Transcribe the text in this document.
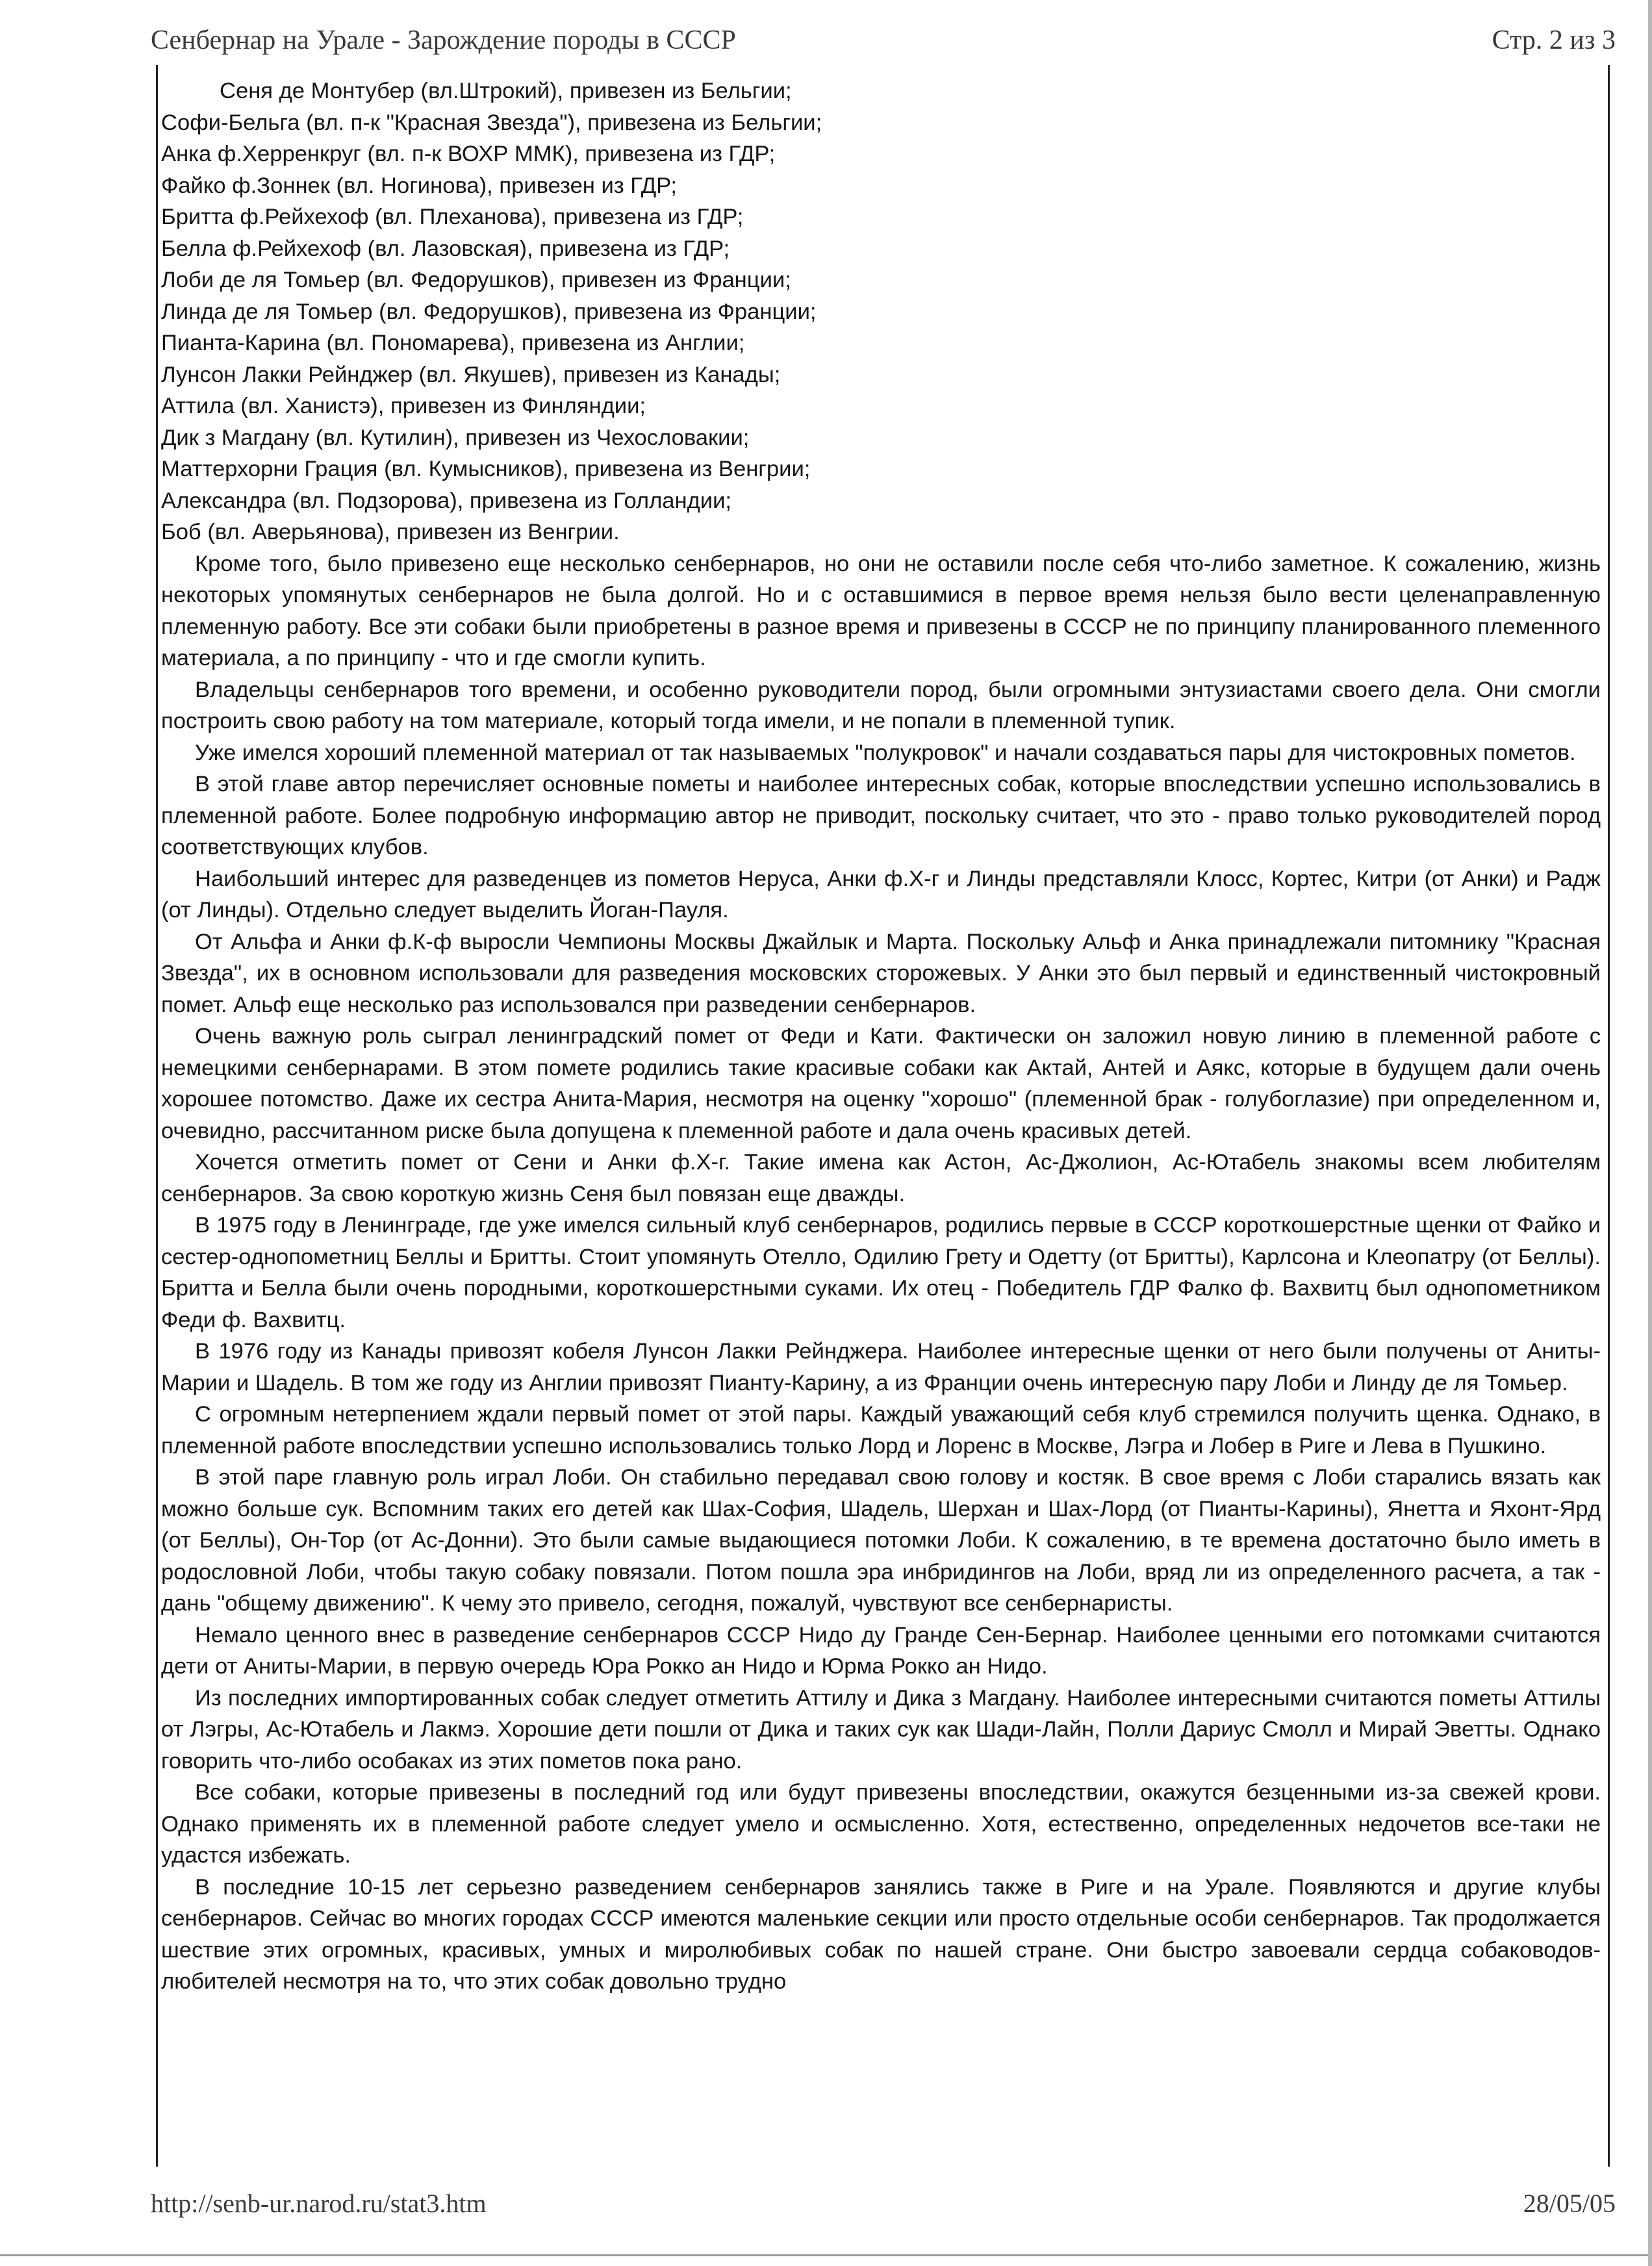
Сенбернар на Урале - Зарождение породы в СССР	Стр. 2 из 3
Сеня де Монтубер (вл.Штрокий), привезен из Бельгии;
Софи-Бельга (вл. п-к "Красная Звезда"), привезена из Бельгии;
Анка ф.Херренкруг (вл. п-к ВОХР ММК), привезена из ГДР;
Файко ф.Зоннек (вл. Ногинова), привезен из ГДР;
Бритта ф.Рейхехоф (вл. Плеханова), привезена из ГДР;
Белла ф.Рейхехоф (вл. Лазовская), привезена из ГДР;
Лоби де ля Томьер (вл. Федорушков), привезен из Франции;
Линда де ля Томьер (вл. Федорушков), привезена из Франции;
Пианта-Карина (вл. Пономарева), привезена из Англии;
Лунсон Лакки Рейнджер (вл. Якушев), привезен из Канады;
Аттила (вл. Ханистэ), привезен из Финляндии;
Дик з Магдану (вл. Кутилин), привезен из Чехословакии;
Маттерхорни Грация (вл. Кумысников), привезена из Венгрии;
Александра (вл. Подзорова), привезена из Голландии;
Боб (вл. Аверьянова), привезен из Венгрии.

Кроме того, было привезено еще несколько сенбернаров, но они не оставили после себя что-либо заметное. К сожалению, жизнь некоторых упомянутых сенбернаров не была долгой. Но и с оставшимися в первое время нельзя было вести целенаправленную племенную работу. Все эти собаки были приобретены в разное время и привезены в СССР не по принципу планированного племенного материала, а по принципу - что и где смогли купить.

Владельцы сенбернаров того времени, и особенно руководители пород, были огромными энтузиастами своего дела. Они смогли построить свою работу на том материале, который тогда имели, и не попали в племенной тупик.

Уже имелся хороший племенной материал от так называемых "полукровок" и начали создаваться пары для чистокровных пометов.

В этой главе автор перечисляет основные пометы и наиболее интересных собак, которые впоследствии успешно использовались в племенной работе. Более подробную информацию автор не приводит, поскольку считает, что это - право только руководителей пород соответствующих клубов.

Наибольший интерес для разведенцев из пометов Неруса, Анки ф.Х-г и Линды представляли Клосс, Кортес, Китри (от Анки) и Радж (от Линды). Отдельно следует выделить Йоган-Пауля.

От Альфа и Анки ф.К-ф выросли Чемпионы Москвы Джайлык и Марта. Поскольку Альф и Анка принадлежали питомнику "Красная Звезда", их в основном использовали для разведения московских сторожевых. У Анки это был первый и единственный чистокровный помет. Альф еще несколько раз использовался при разведении сенбернаров.

Очень важную роль сыграл ленинградский помет от Феди и Кати. Фактически он заложил новую линию в племенной работе с немецкими сенбернарами. В этом помете родились такие красивые собаки как Актай, Антей и Аякс, которые в будущем дали очень хорошее потомство. Даже их сестра Анита-Мария, несмотря на оценку "хорошо" (племенной брак - голубоглазие) при определенном и, очевидно, рассчитанном риске была допущена к племенной работе и дала очень красивых детей.

Хочется отметить помет от Сени и Анки ф.Х-г. Такие имена как Астон, Ас-Джолион, Ас-Ютабель знакомы всем любителям сенбернаров. За свою короткую жизнь Сеня был повязан еще дважды.

В 1975 году в Ленинграде, где уже имелся сильный клуб сенбернаров, родились первые в СССР короткошерстные щенки от Файко и сестер-однопометниц Беллы и Бритты. Стоит упомянуть Отелло, Одилию Грету и Одетту (от Бритты), Карлсона и Клеопатру (от Беллы). Бритта и Белла были очень породными, короткошерстными суками. Их отец - Победитель ГДР Фалко ф. Вахвитц был однопометником Феди ф. Вахвитц.

В 1976 году из Канады привозят кобеля Лунсон Лакки Рейнджера. Наиболее интересные щенки от него были получены от Аниты-Марии и Шадель. В том же году из Англии привозят Пианту-Карину, а из Франции очень интересную пару Лоби и Линду де ля Томьер.

С огромным нетерпением ждали первый помет от этой пары. Каждый уважающий себя клуб стремился получить щенка. Однако, в племенной работе впоследствии успешно использовались только Лорд и Лоренс в Москве, Лэгра и Лобер в Риге и Лева в Пушкино.

В этой паре главную роль играл Лоби. Он стабильно передавал свою голову и костяк. В свое время с Лоби старались вязать как можно больше сук. Вспомним таких его детей как Шах-София, Шадель, Шерхан и Шах-Лорд (от Пианты-Карины), Янетта и Яхонт-Ярд (от Беллы), Он-Тор (от Ас-Донни). Это были самые выдающиеся потомки Лоби. К сожалению, в те времена достаточно было иметь в родословной Лоби, чтобы такую собаку повязали. Потом пошла эра инбридингов на Лоби, вряд ли из определенного расчета, а так - дань "общему движению". К чему это привело, сегодня, пожалуй, чувствуют все сенбернаристы.

Немало ценного внес в разведение сенбернаров СССР Нидо ду Гранде Сен-Бернар. Наиболее ценными его потомками считаются дети от Аниты-Марии, в первую очередь Юра Рокко ан Нидо и Юрма Рокко ан Нидо.

Из последних импортированных собак следует отметить Аттилу и Дика з Магдану. Наиболее интересными считаются пометы Аттилы от Лэгры, Ас-Ютабель и Лакмэ. Хорошие дети пошли от Дика и таких сук как Шади-Лайн, Полли Дариус Смолл и Мирай Эветты. Однако говорить что-либо особаках из этих пометов пока рано.

Все собаки, которые привезены в последний год или будут привезены впоследствии, окажутся безценными из-за свежей крови. Однако применять их в племенной работе следует умело и осмысленно. Хотя, естественно, определенных недочетов все-таки не удастся избежать.

В последние 10-15 лет серьезно разведением сенбернаров занялись также в Риге и на Урале. Появляются и другие клубы сенбернаров. Сейчас во многих городах СССР имеются маленькие секции или просто отдельные особи сенбернаров. Так продолжается шествие этих огромных, красивых, умных и миролюбивых собак по нашей стране. Они быстро завоевали сердца собаководов-любителей несмотря на то, что этих собак довольно трудно

http://senb-ur.narod.ru/stat3.htm	28/05/05
